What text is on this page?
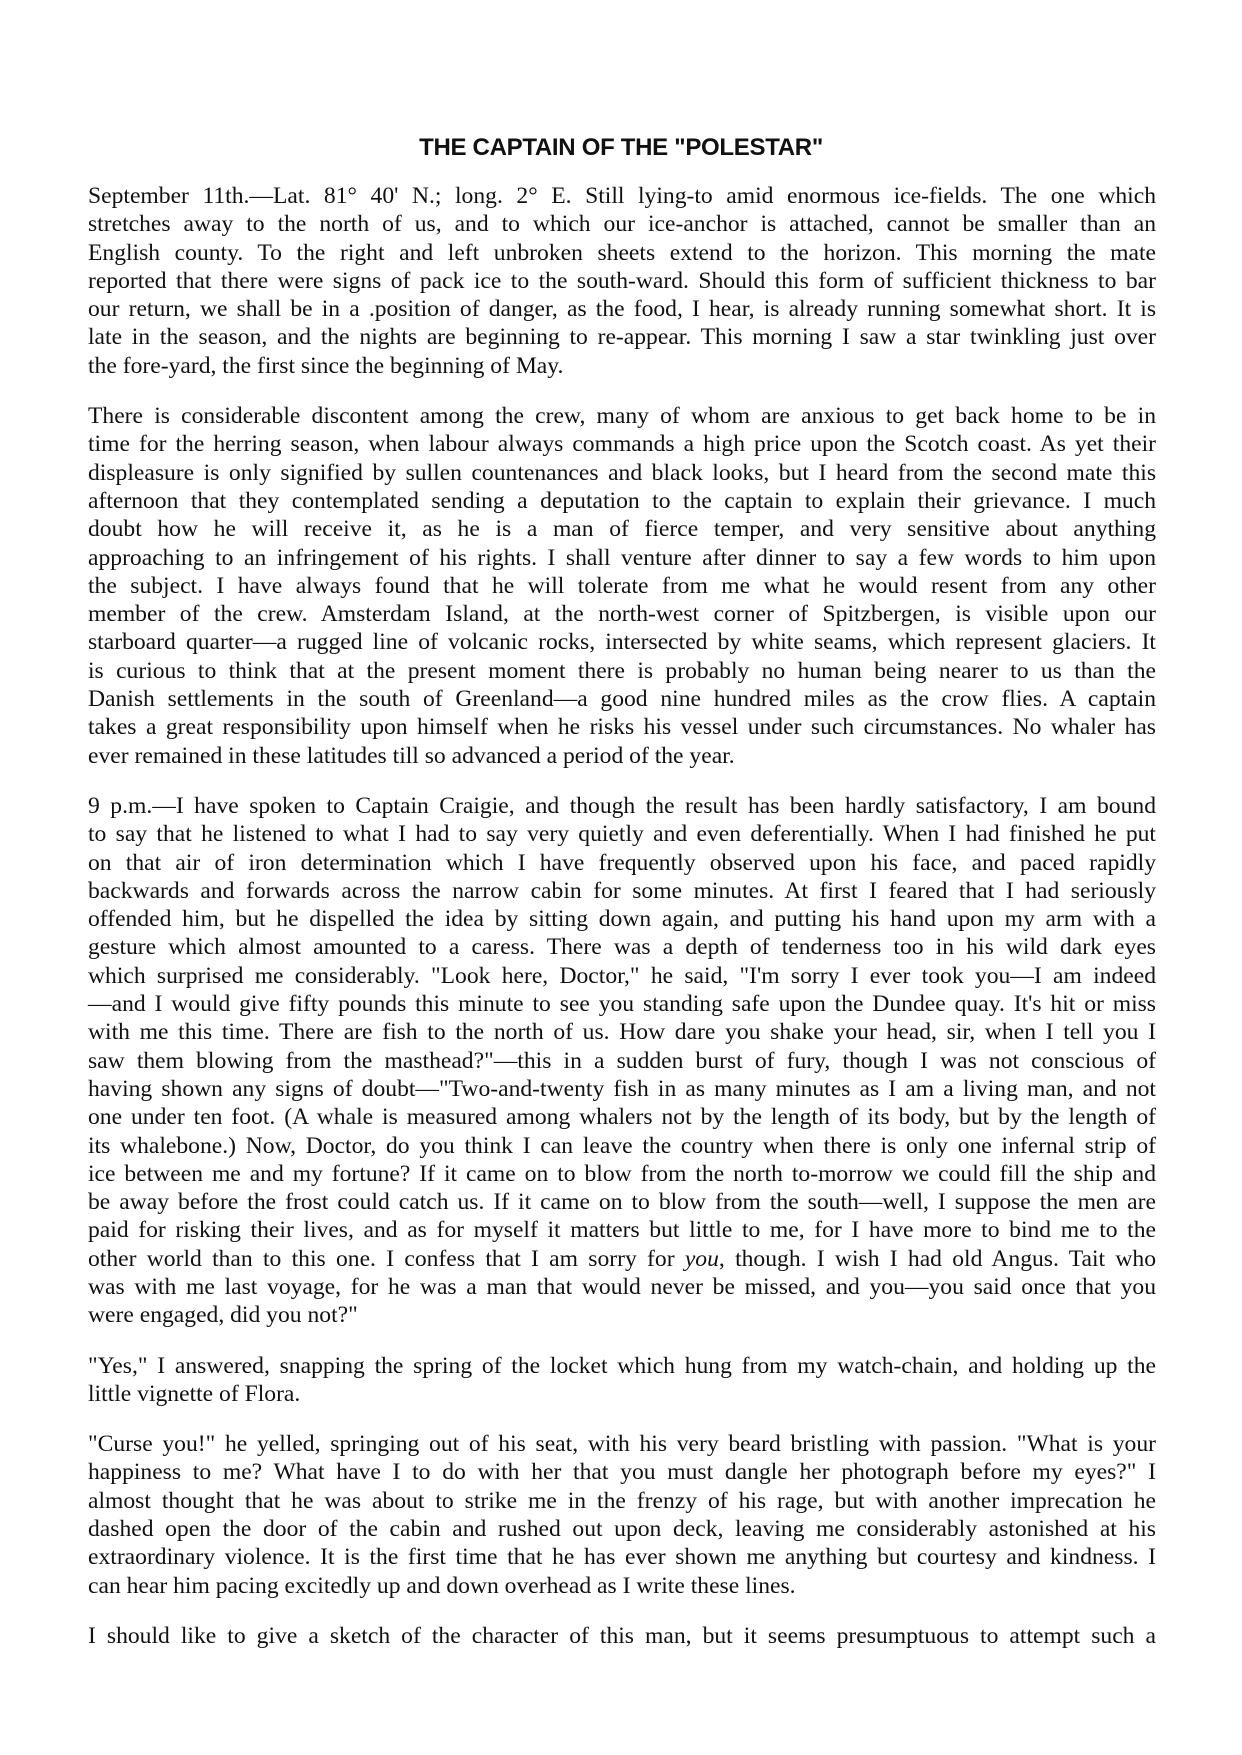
THE CAPTAIN OF THE "POLESTAR"
September 11th.—Lat. 81° 40' N.; long. 2° E. Still lying-to amid enormous ice-fields. The one which
stretches away to the north of us, and to which our ice-anchor is attached, cannot be smaller than an
English county. To the right and left unbroken sheets extend to the horizon. This morning the mate
reported that there were signs of pack ice to the south-ward. Should this form of sufficient thickness to bar
our return, we shall be in a .position of danger, as the food, I hear, is already running somewhat short. It is
late in the season, and the nights are beginning to re-appear. This morning I saw a star twinkling just over
the fore-yard, the first since the beginning of May.
There is considerable discontent among the crew, many of whom are anxious to get back home to be in
time for the herring season, when labour always commands a high price upon the Scotch coast. As yet their
displeasure is only signified by sullen countenances and black looks, but I heard from the second mate this
afternoon that they contemplated sending a deputation to the captain to explain their grievance. I much
doubt how he will receive it, as he is a man of fierce temper, and very sensitive about anything
approaching to an infringement of his rights. I shall venture after dinner to say a few words to him upon
the subject. I have always found that he will tolerate from me what he would resent from any other
member of the crew. Amsterdam Island, at the north-west corner of Spitzbergen, is visible upon our
starboard quarter—a rugged line of volcanic rocks, intersected by white seams, which represent glaciers. It
is curious to think that at the present moment there is probably no human being nearer to us than the
Danish settlements in the south of Greenland—a good nine hundred miles as the crow flies. A captain
takes a great responsibility upon himself when he risks his vessel under such circumstances. No whaler has
ever remained in these latitudes till so advanced a period of the year.
9 p.m.—I have spoken to Captain Craigie, and though the result has been hardly satisfactory, I am bound
to say that he listened to what I had to say very quietly and even deferentially. When I had finished he put
on that air of iron determination which I have frequently observed upon his face, and paced rapidly
backwards and forwards across the narrow cabin for some minutes. At first I feared that I had seriously
offended him, but he dispelled the idea by sitting down again, and putting his hand upon my arm with a
gesture which almost amounted to a caress. There was a depth of tenderness too in his wild dark eyes
which surprised me considerably. "Look here, Doctor," he said, "I'm sorry I ever took you—I am indeed
—and I would give fifty pounds this minute to see you standing safe upon the Dundee quay. It's hit or miss
with me this time. There are fish to the north of us. How dare you shake your head, sir, when I tell you I
saw them blowing from the masthead?"—this in a sudden burst of fury, though I was not conscious of
having shown any signs of doubt—"Two-and-twenty fish in as many minutes as I am a living man, and not
one under ten foot. (A whale is measured among whalers not by the length of its body, but by the length of
its whalebone.) Now, Doctor, do you think I can leave the country when there is only one infernal strip of
ice between me and my fortune? If it came on to blow from the north to-morrow we could fill the ship and
be away before the frost could catch us. If it came on to blow from the south—well, I suppose the men are
paid for risking their lives, and as for myself it matters but little to me, for I have more to bind me to the
other world than to this one. I confess that I am sorry for you, though. I wish I had old Angus. Tait who
was with me last voyage, for he was a man that would never be missed, and you—you said once that you
were engaged, did you not?"
"Yes," I answered, snapping the spring of the locket which hung from my watch-chain, and holding up the
little vignette of Flora.
"Curse you!" he yelled, springing out of his seat, with his very beard bristling with passion. "What is your
happiness to me? What have I to do with her that you must dangle her photograph before my eyes?" I
almost thought that he was about to strike me in the frenzy of his rage, but with another imprecation he
dashed open the door of the cabin and rushed out upon deck, leaving me considerably astonished at his
extraordinary violence. It is the first time that he has ever shown me anything but courtesy and kindness. I
can hear him pacing excitedly up and down overhead as I write these lines.
I should like to give a sketch of the character of this man, but it seems presumptuous to attempt such a
